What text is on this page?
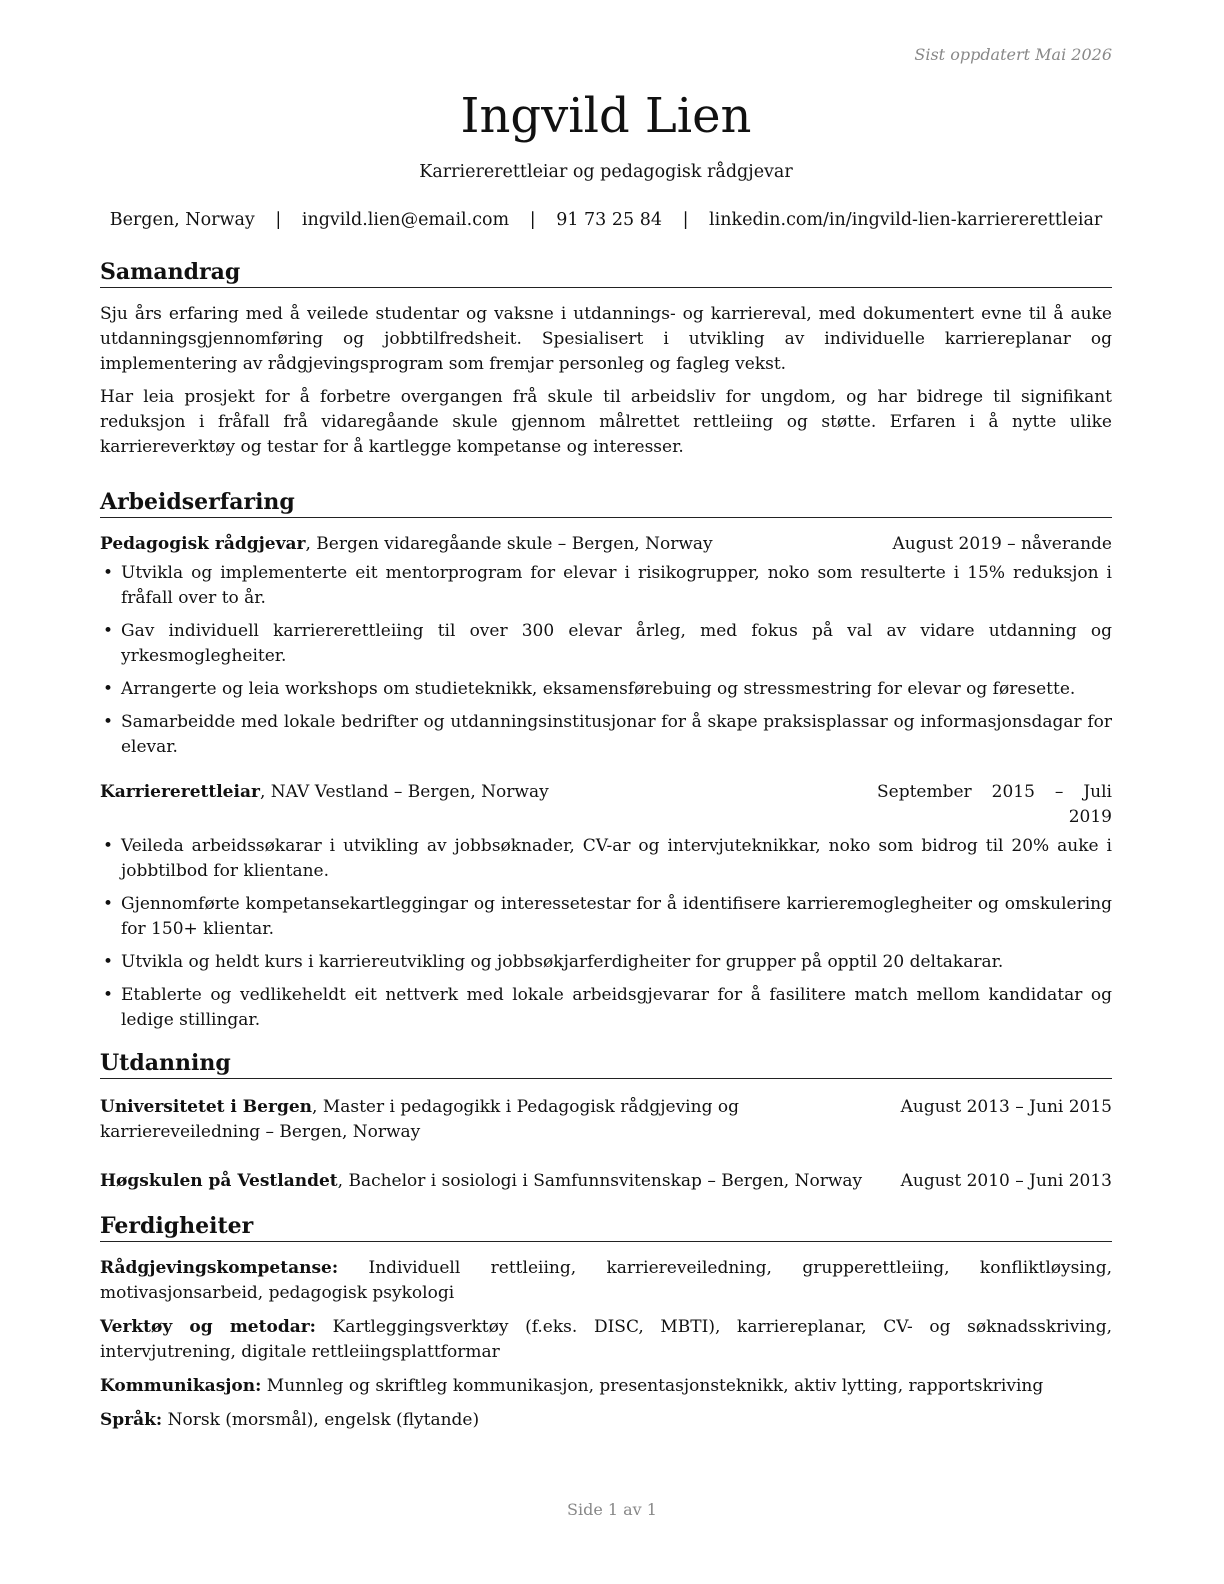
Sist oppdatert Mai 2026
Ingvild Lien
Karriererettleiar og pedagogisk rådgjevar
Bergen, Norway | ingvild.lien@email.com | 91 73 25 84 | linkedin.com/in/ingvild-lien-karriererettleiar
Samandrag

Sju års erfaring med å veilede studentar og vaksne i utdannings- og karriereval, med dokumentert evne til å auke utdanningsgjennomføring og jobbtilfredsheit. Spesialisert i utvikling av individuelle karriereplanar og implementering av rådgjevingsprogram som fremjar personleg og fagleg vekst.

Har leia prosjekt for å forbetre overgangen frå skule til arbeidsliv for ungdom, og har bidrege til signifikant reduksjon i fråfall frå vidaregåande skule gjennom målrettet rettleiing og støtte. Erfaren i å nytte ulike karriereverktøy og testar for å kartlegge kompetanse og interesser.

Arbeidserfaring
Pedagogisk rådgjevar, Bergen vidaregåande skule – Bergen, Norway	August 2019 – nåverande
• Utvikla og implementerte eit mentorprogram for elevar i risikogrupper, noko som resulterte i 15% reduksjon i fråfall over to år.
• Gav individuell karriererettleiing til over 300 elevar årleg, med fokus på val av vidare utdanning og yrkesmoglegheiter.
• Arrangerte og leia workshops om studieteknikk, eksamensførebuing og stressmestring for elevar og føresette.
• Samarbeidde med lokale bedrifter og utdanningsinstitusjonar for å skape praksisplassar og informasjonsdagar for elevar.
Karriererettleiar, NAV Vestland – Bergen, Norway	September 2015 – Juli 2019
• Veileda arbeidssøkarar i utvikling av jobbsøknader, CV-ar og intervjuteknikkar, noko som bidrog til 20% auke i jobbtilbod for klientane.
• Gjennomførte kompetansekartleggingar og interessetestar for å identifisere karrieremoglegheiter og omskulering for 150+ klientar.
• Utvikla og heldt kurs i karriereutvikling og jobbsøkjarferdigheiter for grupper på opptil 20 deltakarar.
• Etablerte og vedlikeheldt eit nettverk med lokale arbeidsgjevarar for å fasilitere match mellom kandidatar og ledige stillingar.
Utdanning
Universitetet i Bergen, Master i pedagogikk i Pedagogisk rådgjeving og karriereveiledning – Bergen, Norway
August 2013 – Juni 2015
Høgskulen på Vestlandet, Bachelor i sosiologi i Samfunnsvitenskap – Bergen, Norway	August 2010 – Juni 2013
Ferdigheiter
Rådgjevingskompetanse: Individuell rettleiing, karriereveiledning, grupperettleiing, konfliktløysing, motivasjonsarbeid, pedagogisk psykologi
Verktøy og metodar: Kartleggingsverktøy (f.eks. DISC, MBTI), karriereplanar, CV- og søknadsskriving, intervjutrening, digitale rettleiingsplattformar
Kommunikasjon: Munnleg og skriftleg kommunikasjon, presentasjonsteknikk, aktiv lytting, rapportskriving
Språk: Norsk (morsmål), engelsk (flytande)
Side 1 av 1
